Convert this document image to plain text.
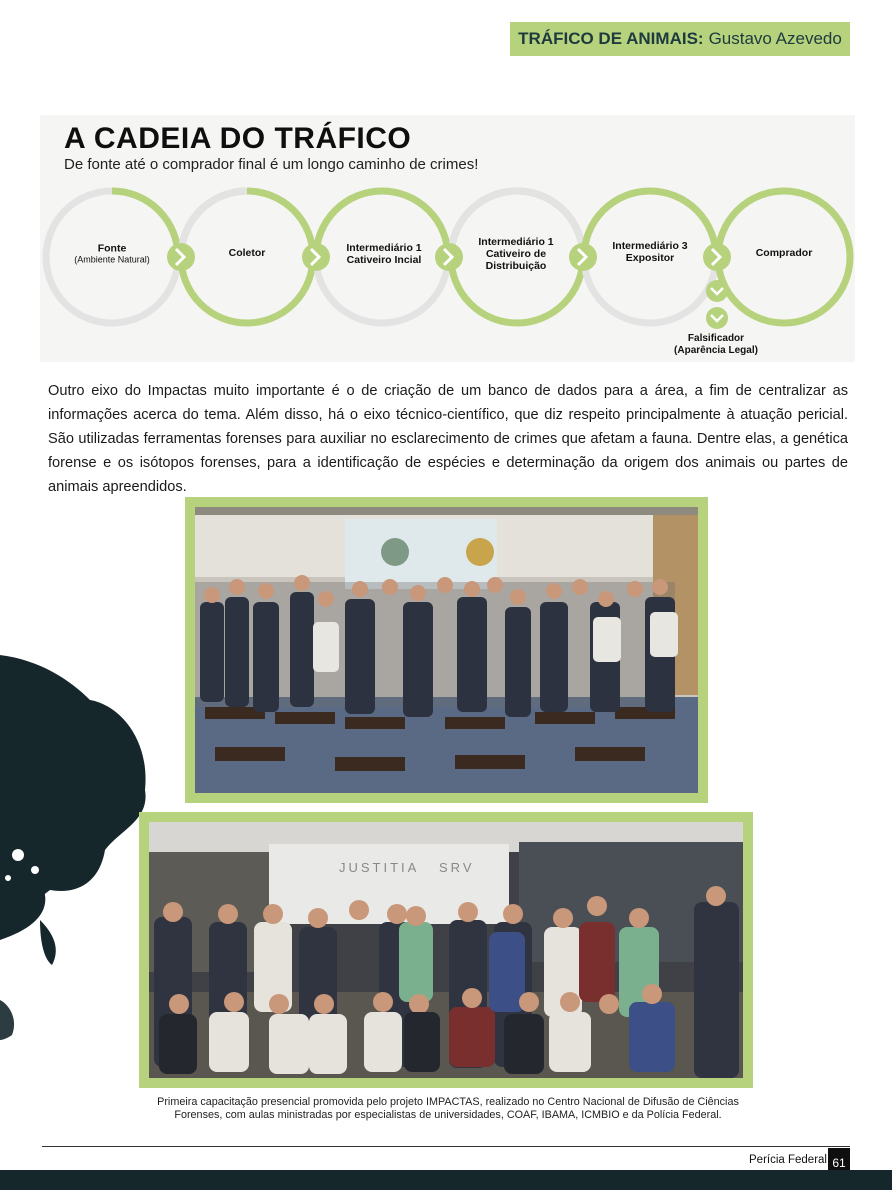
TRÁFICO DE ANIMAIS: Gustavo Azevedo
A CADEIA DO TRÁFICO
De fonte até o comprador final é um longo caminho de crimes!
Fonte
(Ambiente Natural)
Coletor	Intermediário 1 Cativeiro Incial
Intermediário 1 Cativeiro de Distribuição
Intermediário 3 Expositor	Comprador
Falsificador
(Aparência Legal)
Outro eixo do Impactas muito importante é o de criação de um banco de dados para a área, a fim de centralizar as informações acerca do tema. Além disso, há o eixo técnico-científico, que diz respeito principalmente à atuação pericial. São utilizadas ferramentas forenses para auxiliar no esclarecimento de crimes que afetam a fauna. Dentre elas, a genética forense e os isótopos forenses, para a identificação de espécies e determinação da origem dos animais ou partes de animais apreendidos.
JUSTITIA SRV
Primeira capacitação presencial promovida pelo projeto IMPACTAS, realizado no Centro Nacional de Difusão de Ciências Forenses, com aulas ministradas por especialistas de universidades, COAF, IBAMA, ICMBIO e da Polícia Federal.
Perícia Federal 61
